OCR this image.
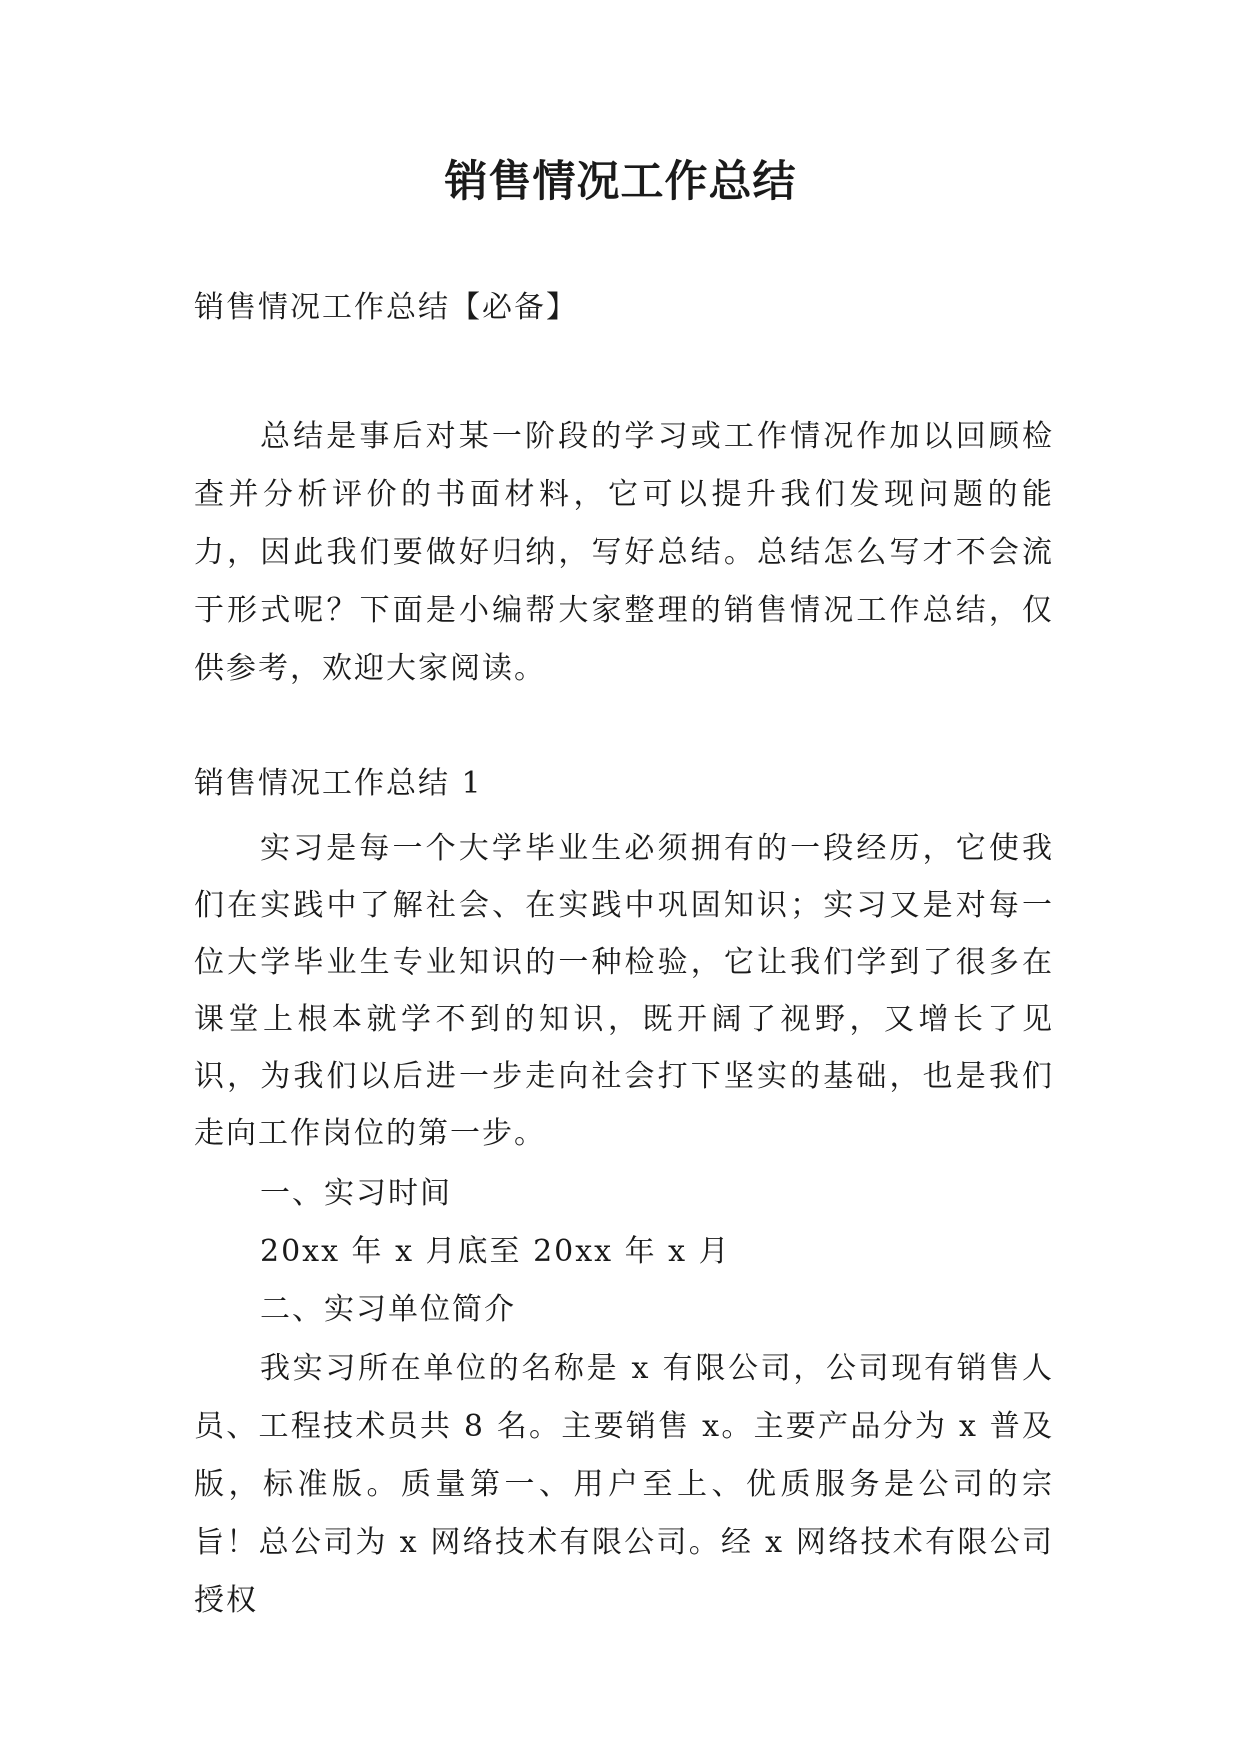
销售情况工作总结

销售情况工作总结【必备】

总结是事后对某一阶段的学习或工作情况作加以回顾检查并分析评价的书面材料，它可以提升我们发现问题的能力，因此我们要做好归纳，写好总结。总结怎么写才不会流于形式呢？下面是小编帮大家整理的销售情况工作总结，仅供参考，欢迎大家阅读。

销售情况工作总结 1

实习是每一个大学毕业生必须拥有的一段经历，它使我们在实践中了解社会、在实践中巩固知识；实习又是对每一位大学毕业生专业知识的一种检验，它让我们学到了很多在课堂上根本就学不到的知识，既开阔了视野，又增长了见识，为我们以后进一步走向社会打下坚实的基础，也是我们走向工作岗位的第一步。

一、实习时间

20xx 年 x 月底至 20xx 年 x 月

二、实习单位简介

我实习所在单位的名称是 x 有限公司，公司现有销售人员、工程技术员共 8 名。主要销售 x。主要产品分为 x 普及版，标准版。质量第一、用户至上、优质服务是公司的宗旨！总公司为 x 网络技术有限公司。经 x 网络技术有限公司授权
